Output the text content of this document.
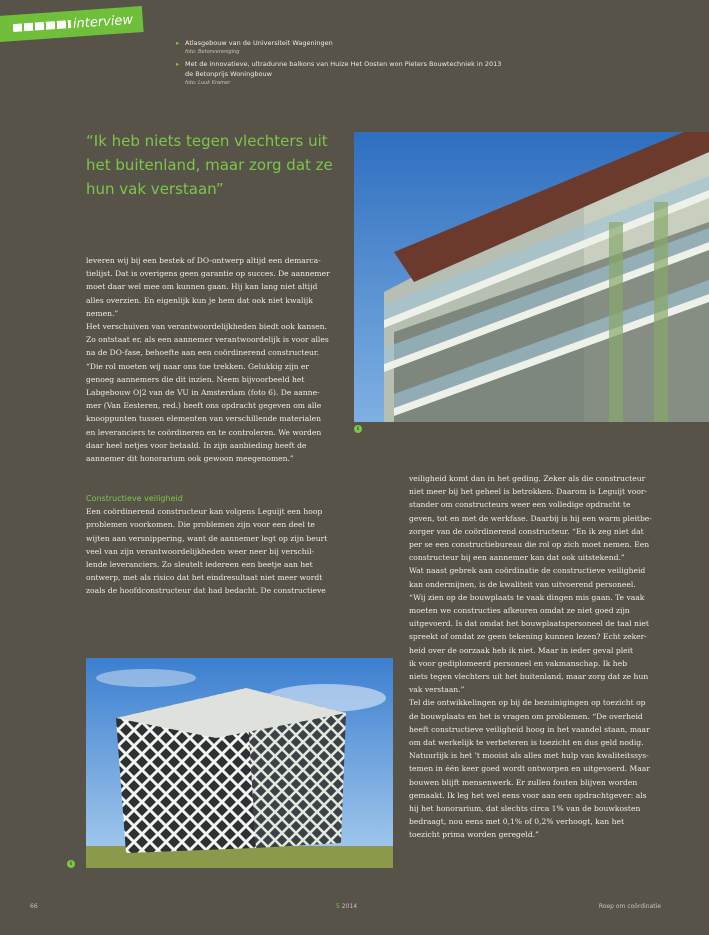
interview
▸ Atlasgebouw van de Universiteit Wageningen
foto: Betonvereniging
▸ Met de innovatieve, ultradunne balkons van Huize Het Oosten won Pieters Bouwtechniek in 2013
de Betonprijs Woningbouw
foto: Luuk Kramer
“Ik heb niets tegen vlechters uit het buitenland, maar zorg dat ze hun vak verstaan”
6

leveren wij bij een bestek of DO-ontwerp altijd een demarca-
tielijst. Dat is overigens geen garantie op succes. De aannemer
moet daar wel mee om kunnen gaan. Hij kan lang niet altijd
alles overzien. En eigenlijk kun je hem dat ook niet kwalijk
nemen.”

Het verschuiven van verantwoordelijkheden biedt ook kansen.
Zo ontstaat er, als een aannemer verantwoordelijk is voor alles
na de DO-fase, behoefte aan een coördinerend constructeur.
“Die rol moeten wij naar ons toe trekken. Gelukkig zijn er
genoeg aannemers die dit inzien. Neem bijvoorbeeld het
Labgebouw O|2 van de VU in Amsterdam (foto 6). De aanne-
mer (Van Eesteren, red.) heeft ons opdracht gegeven om alle
knooppunten tussen elementen van verschillende materialen
en leveranciers te coördineren en te controleren. We worden
daar heel netjes voor betaald. In zijn aanbieding heeft de
aannemer dit honorarium ook gewoon meegenomen.”

Constructieve veiligheid

Een coördinerend constructeur kan volgens Leguijt een hoop
problemen voorkomen. Die problemen zijn voor een deel te
wijten aan versnippering, want de aannemer legt op zijn beurt
veel van zijn verantwoordelijkheden weer neer bij verschil-
lende leveranciers. Zo sleutelt iedereen een beetje aan het
ontwerp, met als risico dat het eindresultaat niet meer wordt
zoals de hoofdconstructeur dat had bedacht. De constructieve

6

veiligheid komt dan in het geding. Zeker als die constructeur
niet meer bij het geheel is betrokken. Daarom is Leguijt voor-
stander om constructeurs weer een volledige opdracht te
geven, tot en met de werkfase. Daarbij is hij een warm pleitbe-
zorger van de coördinerend constructeur. “En ik zeg niet dat
per se een constructiebureau die rol op zich moet nemen. Een
constructeur bij een aannemer kan dat ook uitstekend.”

Wat naast gebrek aan coördinatie de constructieve veiligheid
kan ondermijnen, is de kwaliteit van uitvoerend personeel.
“Wij zien op de bouwplaats te vaak dingen mis gaan. Te vaak
moeten we constructies afkeuren omdat ze niet goed zijn
uitgevoerd. Is dat omdat het bouwplaatspersoneel de taal niet
spreekt of omdat ze geen tekening kunnen lezen? Echt zeker-
heid over de oorzaak heb ik niet. Maar in ieder geval pleit
ik voor gediplomeerd personeel en vakmanschap. Ik heb
niets tegen vlechters uit het buitenland, maar zorg dat ze hun
vak verstaan.”

Tel die ontwikkelingen op bij de bezuinigingen op toezicht op
de bouwplaats en het is vragen om problemen. “De overheid
heeft constructieve veiligheid hoog in het vaandel staan, maar
om dat werkelijk te verbeteren is toezicht en dus geld nodig.
Natuurlijk is het ’t mooist als alles met hulp van kwaliteitssys-
temen in één keer goed wordt ontworpen en uitgevoerd. Maar
bouwen blijft mensenwerk. Er zullen fouten blijven worden
gemaakt. Ik leg het wel eens voor aan een opdrachtgever: als
hij het honorarium, dat slechts circa 1% van de bouwkosten
bedraagt, nou eens met 0,1% of 0,2% verhoogt, kan het
toezicht prima worden geregeld.”

66	5 2014	Roep om coördinatie
